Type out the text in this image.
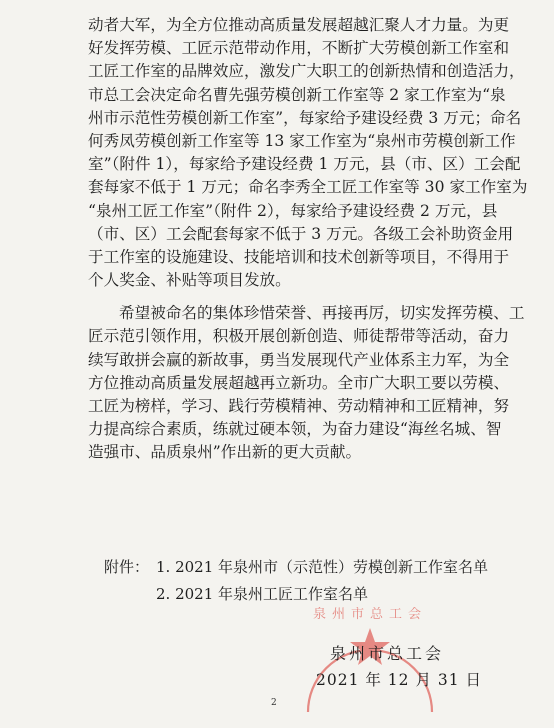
动者大军，为全方位推动高质量发展超越汇聚人才力量。为更
好发挥劳模、工匠示范带动作用，不断扩大劳模创新工作室和
工匠工作室的品牌效应，激发广大职工的创新热情和创造活力，
市总工会决定命名曹先强劳模创新工作室等 2 家工作室为“泉
州市示范性劳模创新工作室”，每家给予建设经费 3 万元；命名
何秀凤劳模创新工作室等 13 家工作室为“泉州市劳模创新工作
室”（附件 1），每家给予建设经费 1 万元，县（市、区）工会配
套每家不低于 1 万元；命名李秀全工匠工作室等 30 家工作室为
“泉州工匠工作室”（附件 2），每家给予建设经费 2 万元，县
（市、区）工会配套每家不低于 3 万元。各级工会补助资金用
于工作室的设施建设、技能培训和技术创新等项目，不得用于
个人奖金、补贴等项目发放。
希望被命名的集体珍惜荣誉、再接再厉，切实发挥劳模、工
匠示范引领作用，积极开展创新创造、师徒帮带等活动，奋力
续写敢拼会赢的新故事，勇当发展现代产业体系主力军，为全
方位推动高质量发展超越再立新功。全市广大职工要以劳模、
工匠为榜样，学习、践行劳模精神、劳动精神和工匠精神，努
力提高综合素质，练就过硬本领，为奋力建设“海丝名城、智
造强市、品质泉州”作出新的更大贡献。
附件： 1. 2021 年泉州市（示范性）劳模创新工作室名单
2. 2021 年泉州工匠工作室名单
泉州市总工会
泉州市总工会
2021 年 12 月 31 日
2
